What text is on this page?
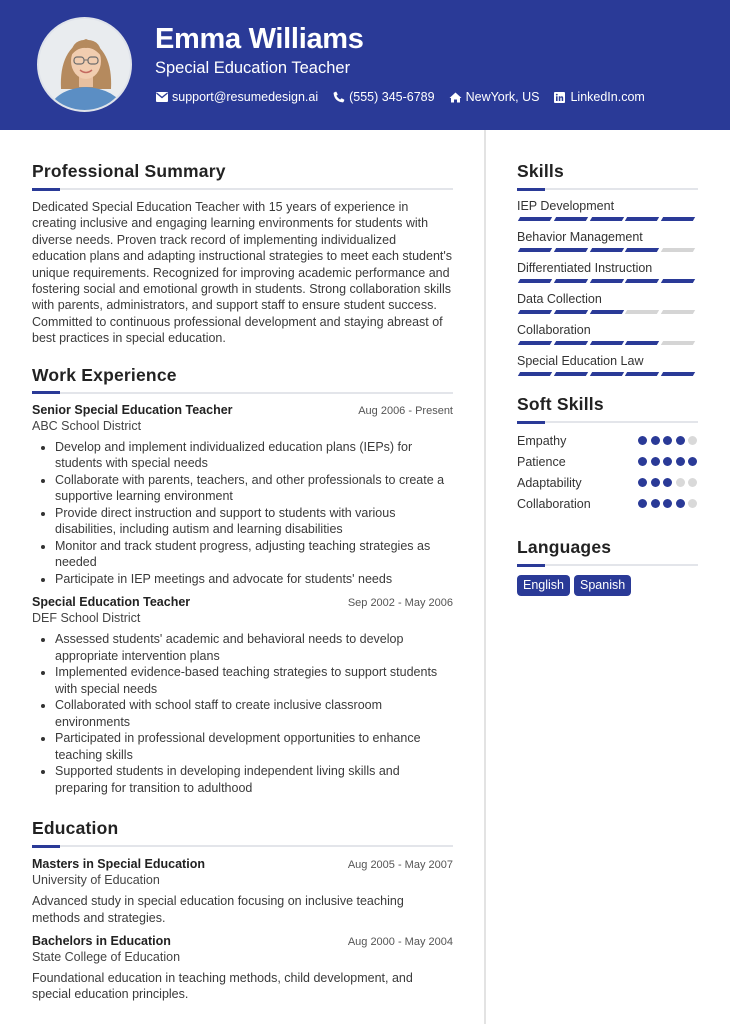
Emma Williams
Special Education Teacher
support@resumedesign.ai (555) 345-6789 NewYork, US LinkedIn.com
Professional Summary

Dedicated Special Education Teacher with 15 years of experience in creating inclusive and engaging learning environments for students with diverse needs. Proven track record of implementing individualized education plans and adapting instructional strategies to meet each student's unique requirements. Recognized for improving academic performance and fostering social and emotional growth in students. Strong collaboration skills with parents, administrators, and support staff to ensure student success. Committed to continuous professional development and staying abreast of best practices in special education.

Work Experience
Senior Special Education Teacher	Aug 2006 - Present
ABC School District
Develop and implement individualized education plans (IEPs) for students with special needs
Collaborate with parents, teachers, and other professionals to create a supportive learning environment
Provide direct instruction and support to students with various disabilities, including autism and learning disabilities
Monitor and track student progress, adjusting teaching strategies as needed
Participate in IEP meetings and advocate for students' needs
Special Education Teacher	Sep 2002 - May 2006
DEF School District
Assessed students' academic and behavioral needs to develop appropriate intervention plans
Implemented evidence-based teaching strategies to support students with special needs
Collaborated with school staff to create inclusive classroom environments
Participated in professional development opportunities to enhance teaching skills
Supported students in developing independent living skills and preparing for transition to adulthood
Education
Masters in Special Education	Aug 2005 - May 2007
University of Education

Advanced study in special education focusing on inclusive teaching methods and strategies.

Bachelors in Education	Aug 2000 - May 2004
State College of Education

Foundational education in teaching methods, child development, and special education principles.

Skills
IEP Development
Behavior Management
Differentiated Instruction
Data Collection
Collaboration
Special Education Law
Soft Skills
Empathy
Patience
Adaptability
Collaboration
Languages
English	Spanish
